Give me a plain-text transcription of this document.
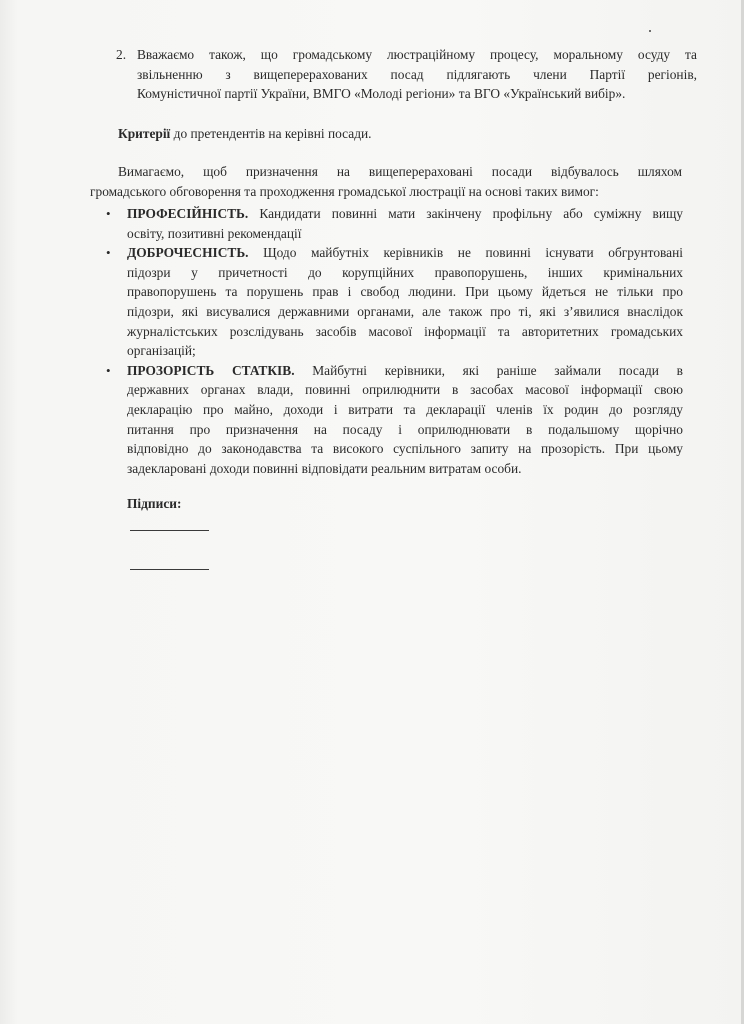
2. Вважаємо також, що громадському люстраційному процесу, моральному осуду та
звільненню з вищеперерахованих посад підлягають члени Партії регіонів,
Комуністичної партії України, ВМГО «Молоді регіони» та ВГО «Український вибір».
Критерії до претендентів на керівні посади.
Вимагаємо, щоб призначення на вищеперераховані посади відбувалось шляхом
громадського обговорення та проходження громадської люстрації на основі таких вимог:
• ПРОФЕСІЙНІСТЬ. Кандидати повинні мати закінчену профільну або суміжну вищу
освіту, позитивні рекомендації
• ДОБРОЧЕСНІСТЬ. Щодо майбутніх керівників не повинні існувати обгрунтовані
підозри у причетності до корупційних правопорушень, інших кримінальних
правопорушень та порушень прав і свобод людини. При цьому йдеться не тільки про
підозри, які висувалися державними органами, але також про ті, які з’явилися внаслідок
журналістських розслідувань засобів масової інформації та авторитетних громадських
організацій;
• ПРОЗОРІСТЬ СТАТКІВ. Майбутні керівники, які раніше займали посади в
державних органах влади, повинні оприлюднити в засобах масової інформації свою
декларацію про майно, доходи і витрати та декларації членів їх родин до розгляду
питання про призначення на посаду і оприлюднювати в подальшому щорічно
відповідно до законодавства та високого суспільного запиту на прозорість. При цьому
задекларовані доходи повинні відповідати реальним витратам особи.
Підписи:
